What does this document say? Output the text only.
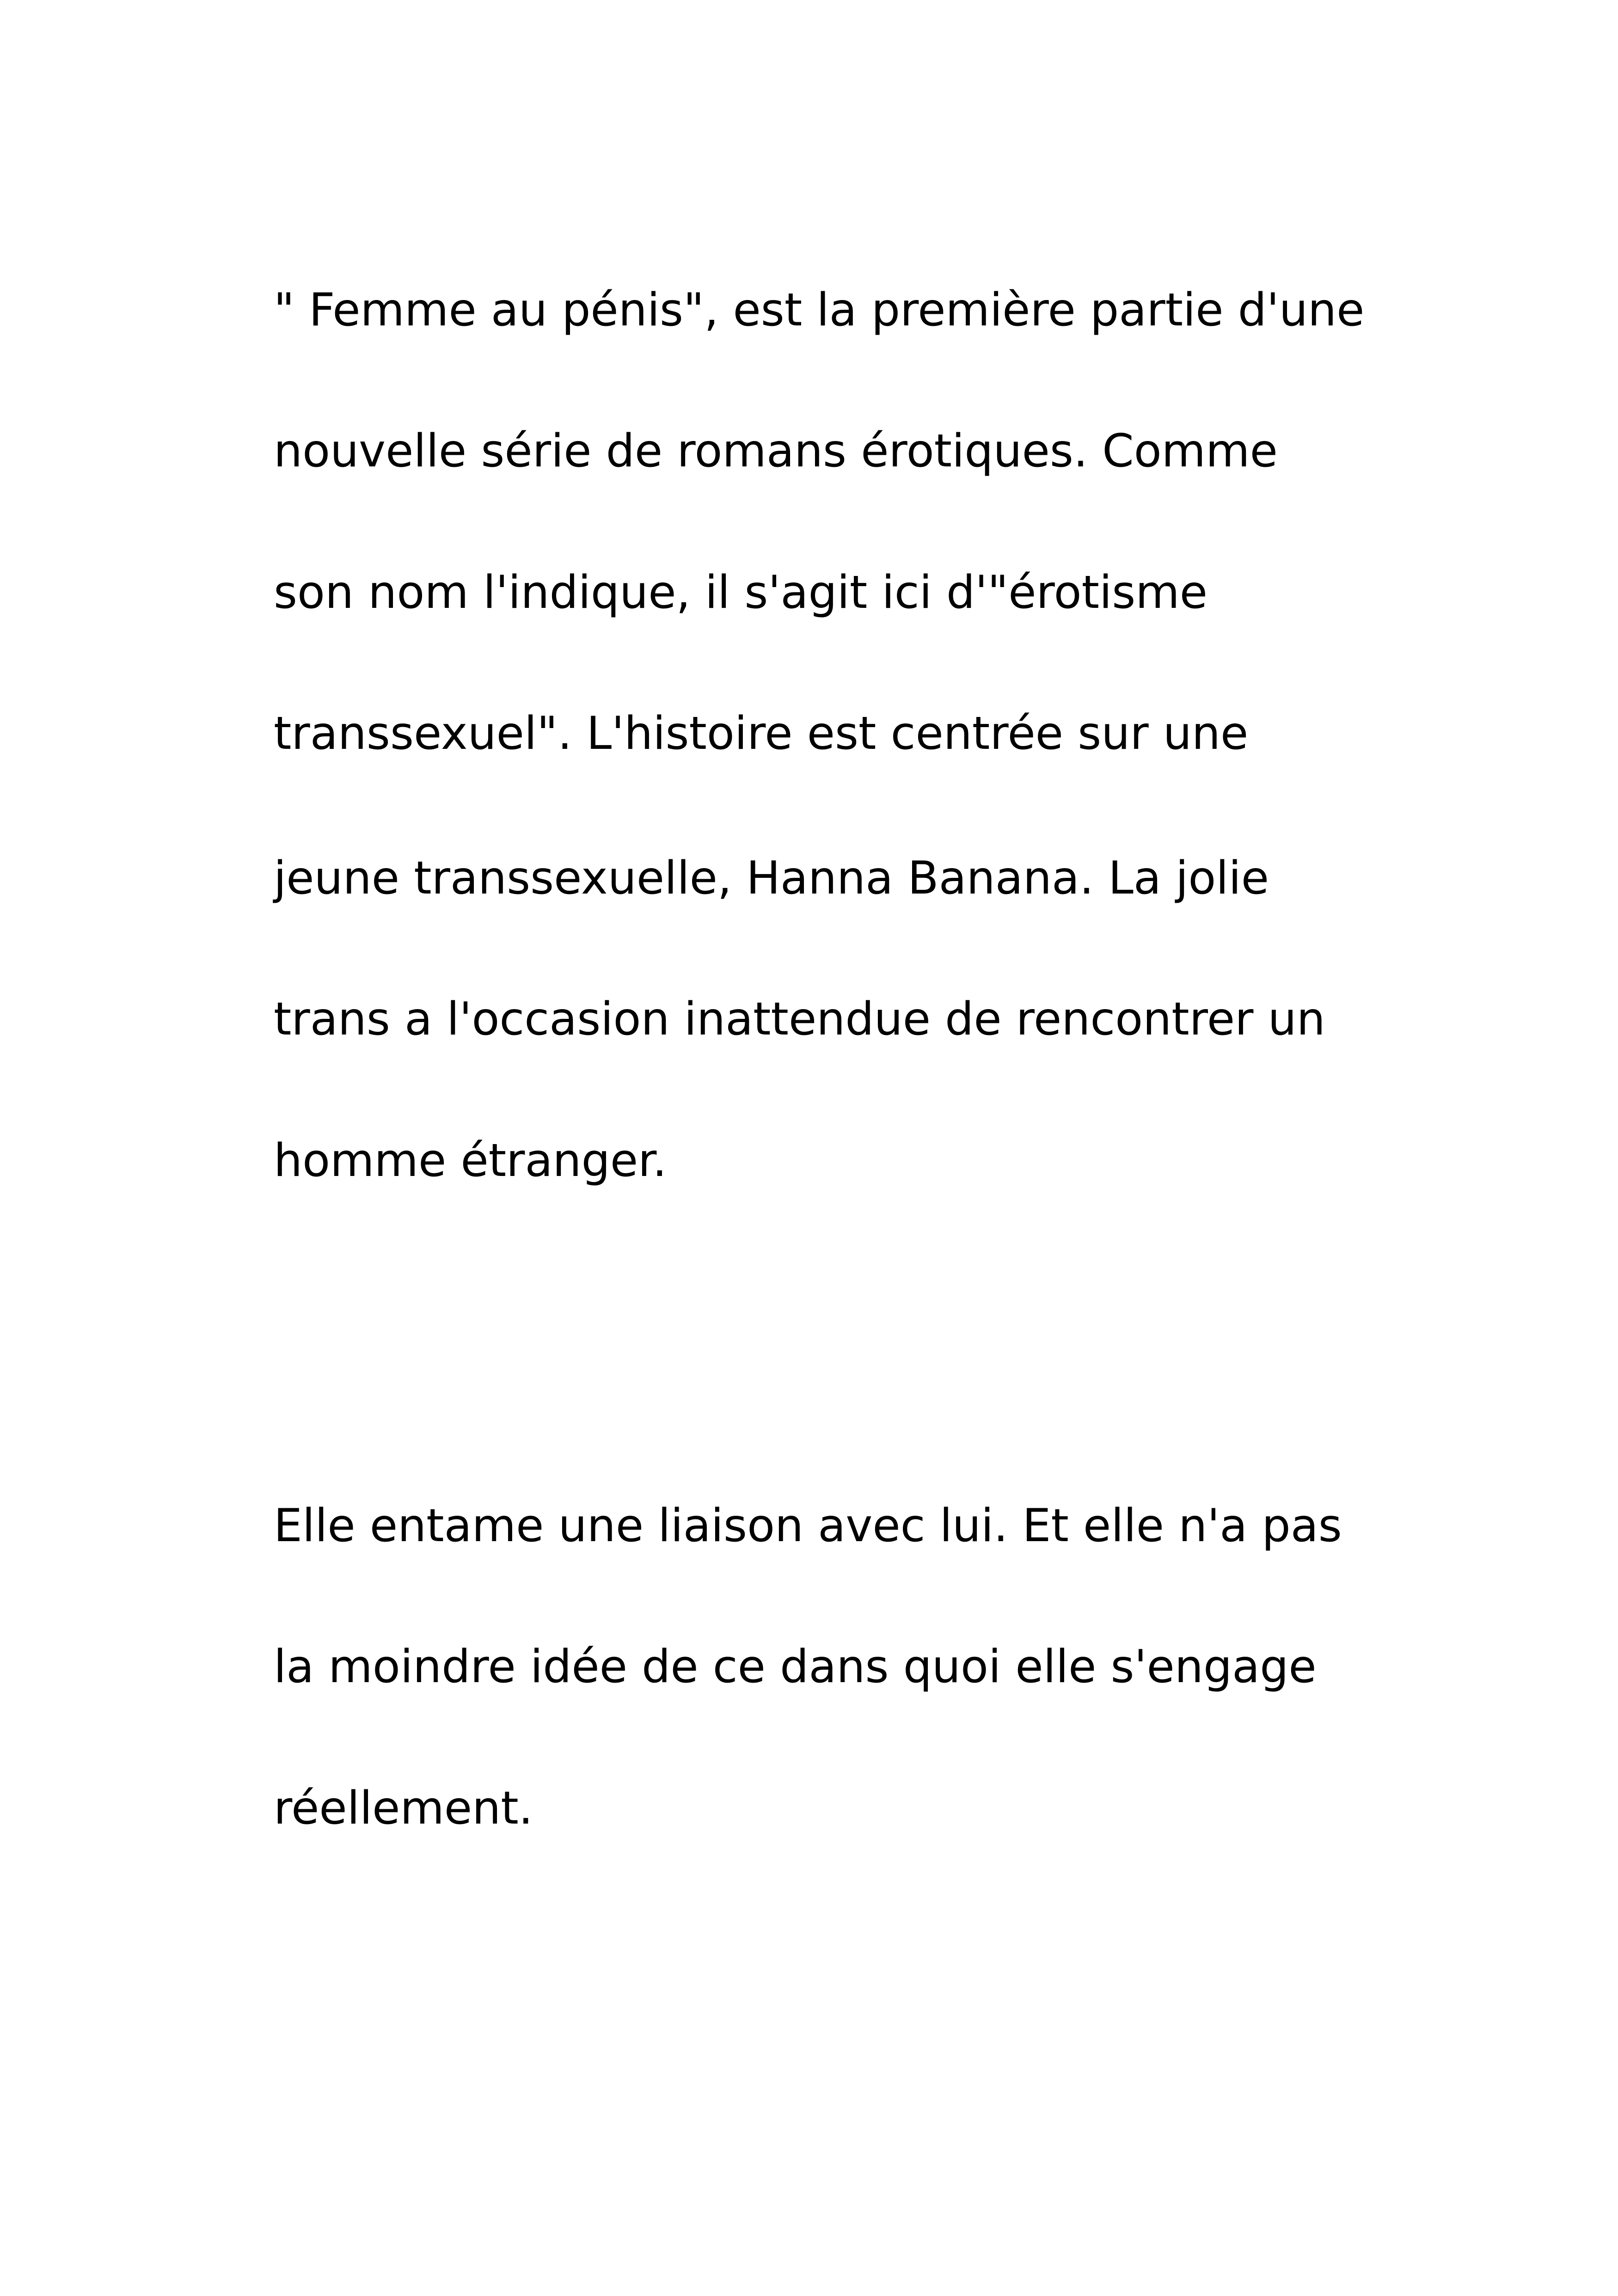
" Femme au pénis", est la première partie d'une

nouvelle série de romans érotiques. Comme

son nom l'indique, il s'agit ici d'"érotisme

transsexuel". L'histoire est centrée sur une

jeune transsexuelle, Hanna Banana. La jolie

trans a l'occasion inattendue de rencontrer un

homme étranger.

Elle entame une liaison avec lui. Et elle n'a pas

la moindre idée de ce dans quoi elle s'engage

réellement.
